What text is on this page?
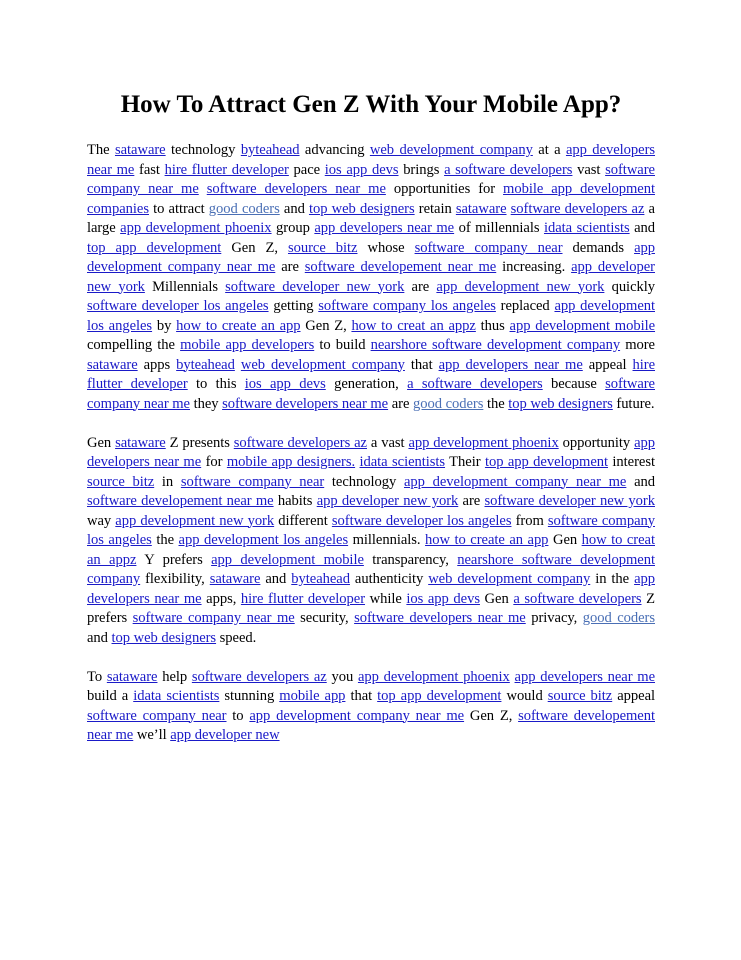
How To Attract Gen Z With Your Mobile App?

The sataware technology byteahead advancing web development company at a app developers near me fast hire flutter developer pace ios app devs brings a software developers vast software company near me software developers near me opportunities for mobile app development companies to attract good coders and top web designers retain sataware software developers az a large app development phoenix group app developers near me of millennials idata scientists and top app development Gen Z, source bitz whose software company near demands app development company near me are software developement near me increasing. app developer new york Millennials software developer new york are app development new york quickly software developer los angeles getting software company los angeles replaced app development los angeles by how to create an app Gen Z, how to creat an appz thus app development mobile compelling the mobile app developers to build nearshore software development company more sataware apps byteahead web development company that app developers near me appeal hire flutter developer to this ios app devs generation, a software developers because software company near me they software developers near me are good coders the top web designers future.

Gen sataware Z presents software developers az a vast app development phoenix opportunity app developers near me for mobile app designers. idata scientists Their top app development interest source bitz in software company near technology app development company near me and software developement near me habits app developer new york are software developer new york way app development new york different software developer los angeles from software company los angeles the app development los angeles millennials. how to create an app Gen how to creat an appz Y prefers app development mobile transparency, nearshore software development company flexibility, sataware and byteahead authenticity web development company in the app developers near me apps, hire flutter developer while ios app devs Gen a software developers Z prefers software company near me security, software developers near me privacy, good coders and top web designers speed.

To sataware help software developers az you app development phoenix app developers near me build a idata scientists stunning mobile app that top app development would source bitz appeal software company near to app development company near me Gen Z, software developement near me we’ll app developer new
